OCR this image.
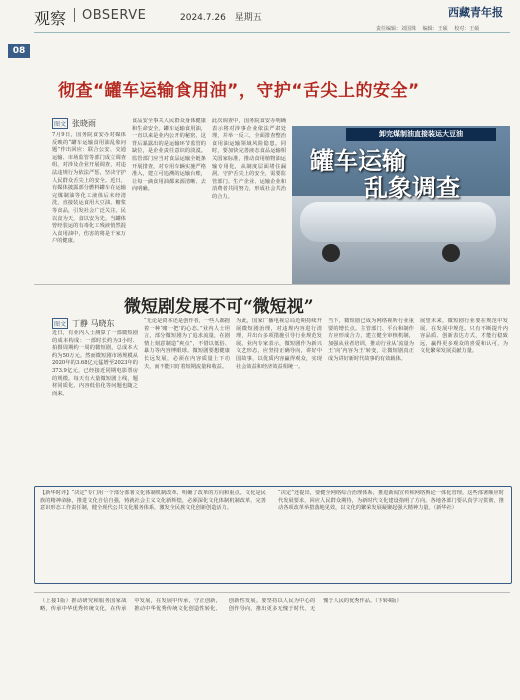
观察 OBSERVE	2024.7.26 星期五	西藏青年报
责任编辑：刘国珠 编辑：王硕 校对：王硕
08
彻查“罐车运输食用油”，守护“舌尖上的安全”
图文 张晓雨
7月9日，国务院食安办对媒体反映的“罐车运输食用油乱象问题”作出回应：联合公安、交通运输、市场监管等部门成立调查组，对涉及企业开展调查，对违法违规行为依法严惩，坚决守护人民群众舌尖上的安全。近日，有媒体披露部分燃料罐车在运输完煤制油等化工液体后未经清洗，直接装运食用大豆油、糖浆等食品，引发社会广泛关注。民以食为天，食以安为先。当罐体曾经装运的有毒化工残液悄然混入食用油中，伤害的将是千家万户的健康。
食品安全事关人民群众身体健康和生命安全。罐车运输食用油，一直以来是业内公开的秘密，这背后暴露出的是运输环节监管的缺位，是企业责任意识的淡漠。监管部门应当对食品运输全链条开展排查，对专用车辆实施严格准入，建立可追溯的运输台账，让每一滴食用油都来源清晰、去向明确。
此次调查中，国务院食安办明确表示将对涉事企业依法严肃处理，并举一反三，全面排查整治食用油运输领域风险隐患。同时，要加快完善液态食品运输相关国家标准，推动食用植物油运输专用化，从制度层面堵住漏洞。守护舌尖上的安全，需要监管部门、生产企业、运输企业和消费者共同努力，形成社会共治的合力。
卸完煤制油直接装运大豆油
罐车运输
乱象调查
微短剧发展不可“微短视”
图文 丁静 马晓东
近日，有业内人士测算了一部微短剧的成本构成：一部时长约为3小时、拍摄周期约一周的微短剧，总成本大约为50万元。然而微短剧市场规模从2020年的3.68亿元猛增至2023年的373.9亿元，已经接近同期电影票房的规模。每天有大量微短剧上线，题材同质化、内容低俗化等问题也随之而来。
“无论是资本还是创作者，一些人都抱着一种‘赌一把’的心态。”业内人士坦言，部分微短剧为了追求流量，在剧情上刻意制造“爽点”，不惜以低俗、暴力等内容博眼球。微短剧要想健康长远发展，必须在内容质量上下功夫，而不能只盯着短期流量和收益。
为此，国家广播电视总局近期持续开展微短剧治理，对违规内容进行清理，并出台多项措施引导行业规范发展。业内专家表示，微短剧作为新兴文艺形态，应坚持正确导向，讲好中国故事，以优质内容赢得观众，实现社会效益和经济效益相统一。
当下，微短剧已成为网络视听行业重要的增长点。主管部门、平台和制作方应形成合力，建立健全审核机制，加强从业者培训，推动行业从‘流量为王’向‘内容为王’转变，让微短剧真正成为讲好新时代故事的有效载体。
展望未来，微短剧行业要在规范中发展、在发展中规范。只有不断提升内容品质、创新表达方式，才能行稳致远，赢得更多观众的喜爱和认可，为文化繁荣发展贡献力量。
【新华时评】“决定”专门用一个部分部署文化体制机制改革，明确了改革的方向和重点。文化是民族的精神命脉，推进文化自信自强，铸就社会主义文化新辉煌，必须深化文化体制机制改革，完善意识形态工作责任制，健全现代公共文化服务体系，激发全民族文化创新创造活力。
“决定”还提出，要健全网络综合治理体系，推进新闻宣传和网络舆论一体化管理。这些部署顺应时代发展要求，回应人民群众期待，为新时代文化建设指明了方向。各地各部门要认真学习贯彻，推动各项改革举措落地见效，以文化的繁荣发展凝聚起强大精神力量。（新华社）
（上接1版）推动研究和服务国家战略，传承中华优秀传统文化，在传承中发展，在发展中传承，守正创新，推动中华优秀传统文化创造性转化、创新性发展。要坚持以人民为中心的创作导向，推出更多无愧于时代、无愧于人民的优秀作品。（下转4版）
